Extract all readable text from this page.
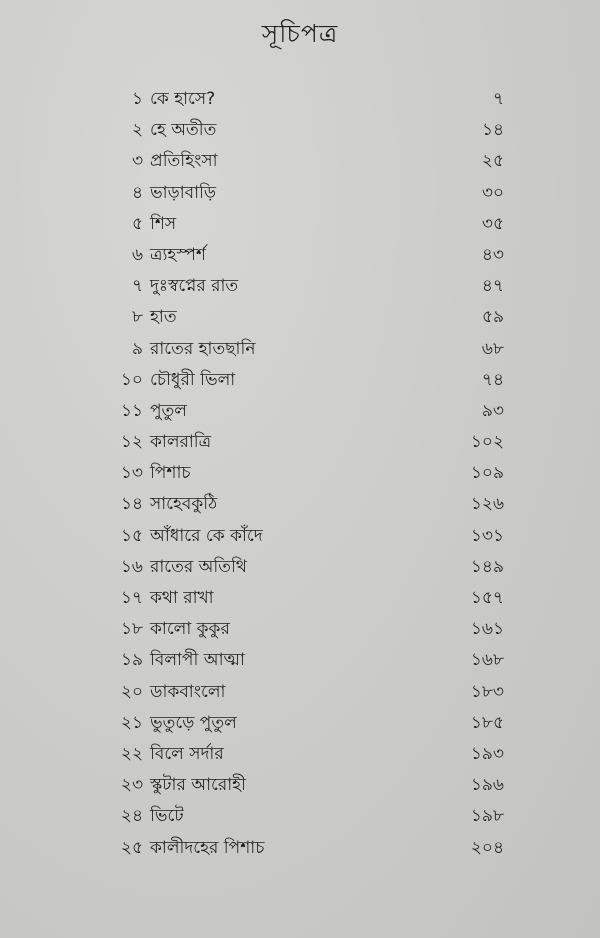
সূচিপত্র
১ কে হাসে?	৭
২ হে অতীত	১৪
৩ প্রতিহিংসা	২৫
৪ ভাড়াবাড়ি	৩০
৫ শিস	৩৫
৬ ত্র্যহস্পর্শ	৪৩
৭ দুঃস্বপ্নের রাত	৪৭
৮ হাত	৫৯
৯ রাতের হাতছানি	৬৮
১০ চৌধুরী ভিলা	৭৪
১১ পুতুল	৯৩
১২ কালরাত্রি	১০২
১৩ পিশাচ	১০৯
১৪ সাহেবকুঠি	১২৬
১৫ আঁধারে কে কাঁদে	১৩১
১৬ রাতের অতিথি	১৪৯
১৭ কথা রাখা	১৫৭
১৮ কালো কুকুর	১৬১
১৯ বিলাপী আত্মা	১৬৮
২০ ডাকবাংলো	১৮৩
২১ ভুতুড়ে পুতুল	১৮৫
২২ বিলে সর্দার	১৯৩
২৩ স্কুটার আরোহী	১৯৬
২৪ ভিটে	১৯৮
২৫ কালীদহের পিশাচ	২০৪
